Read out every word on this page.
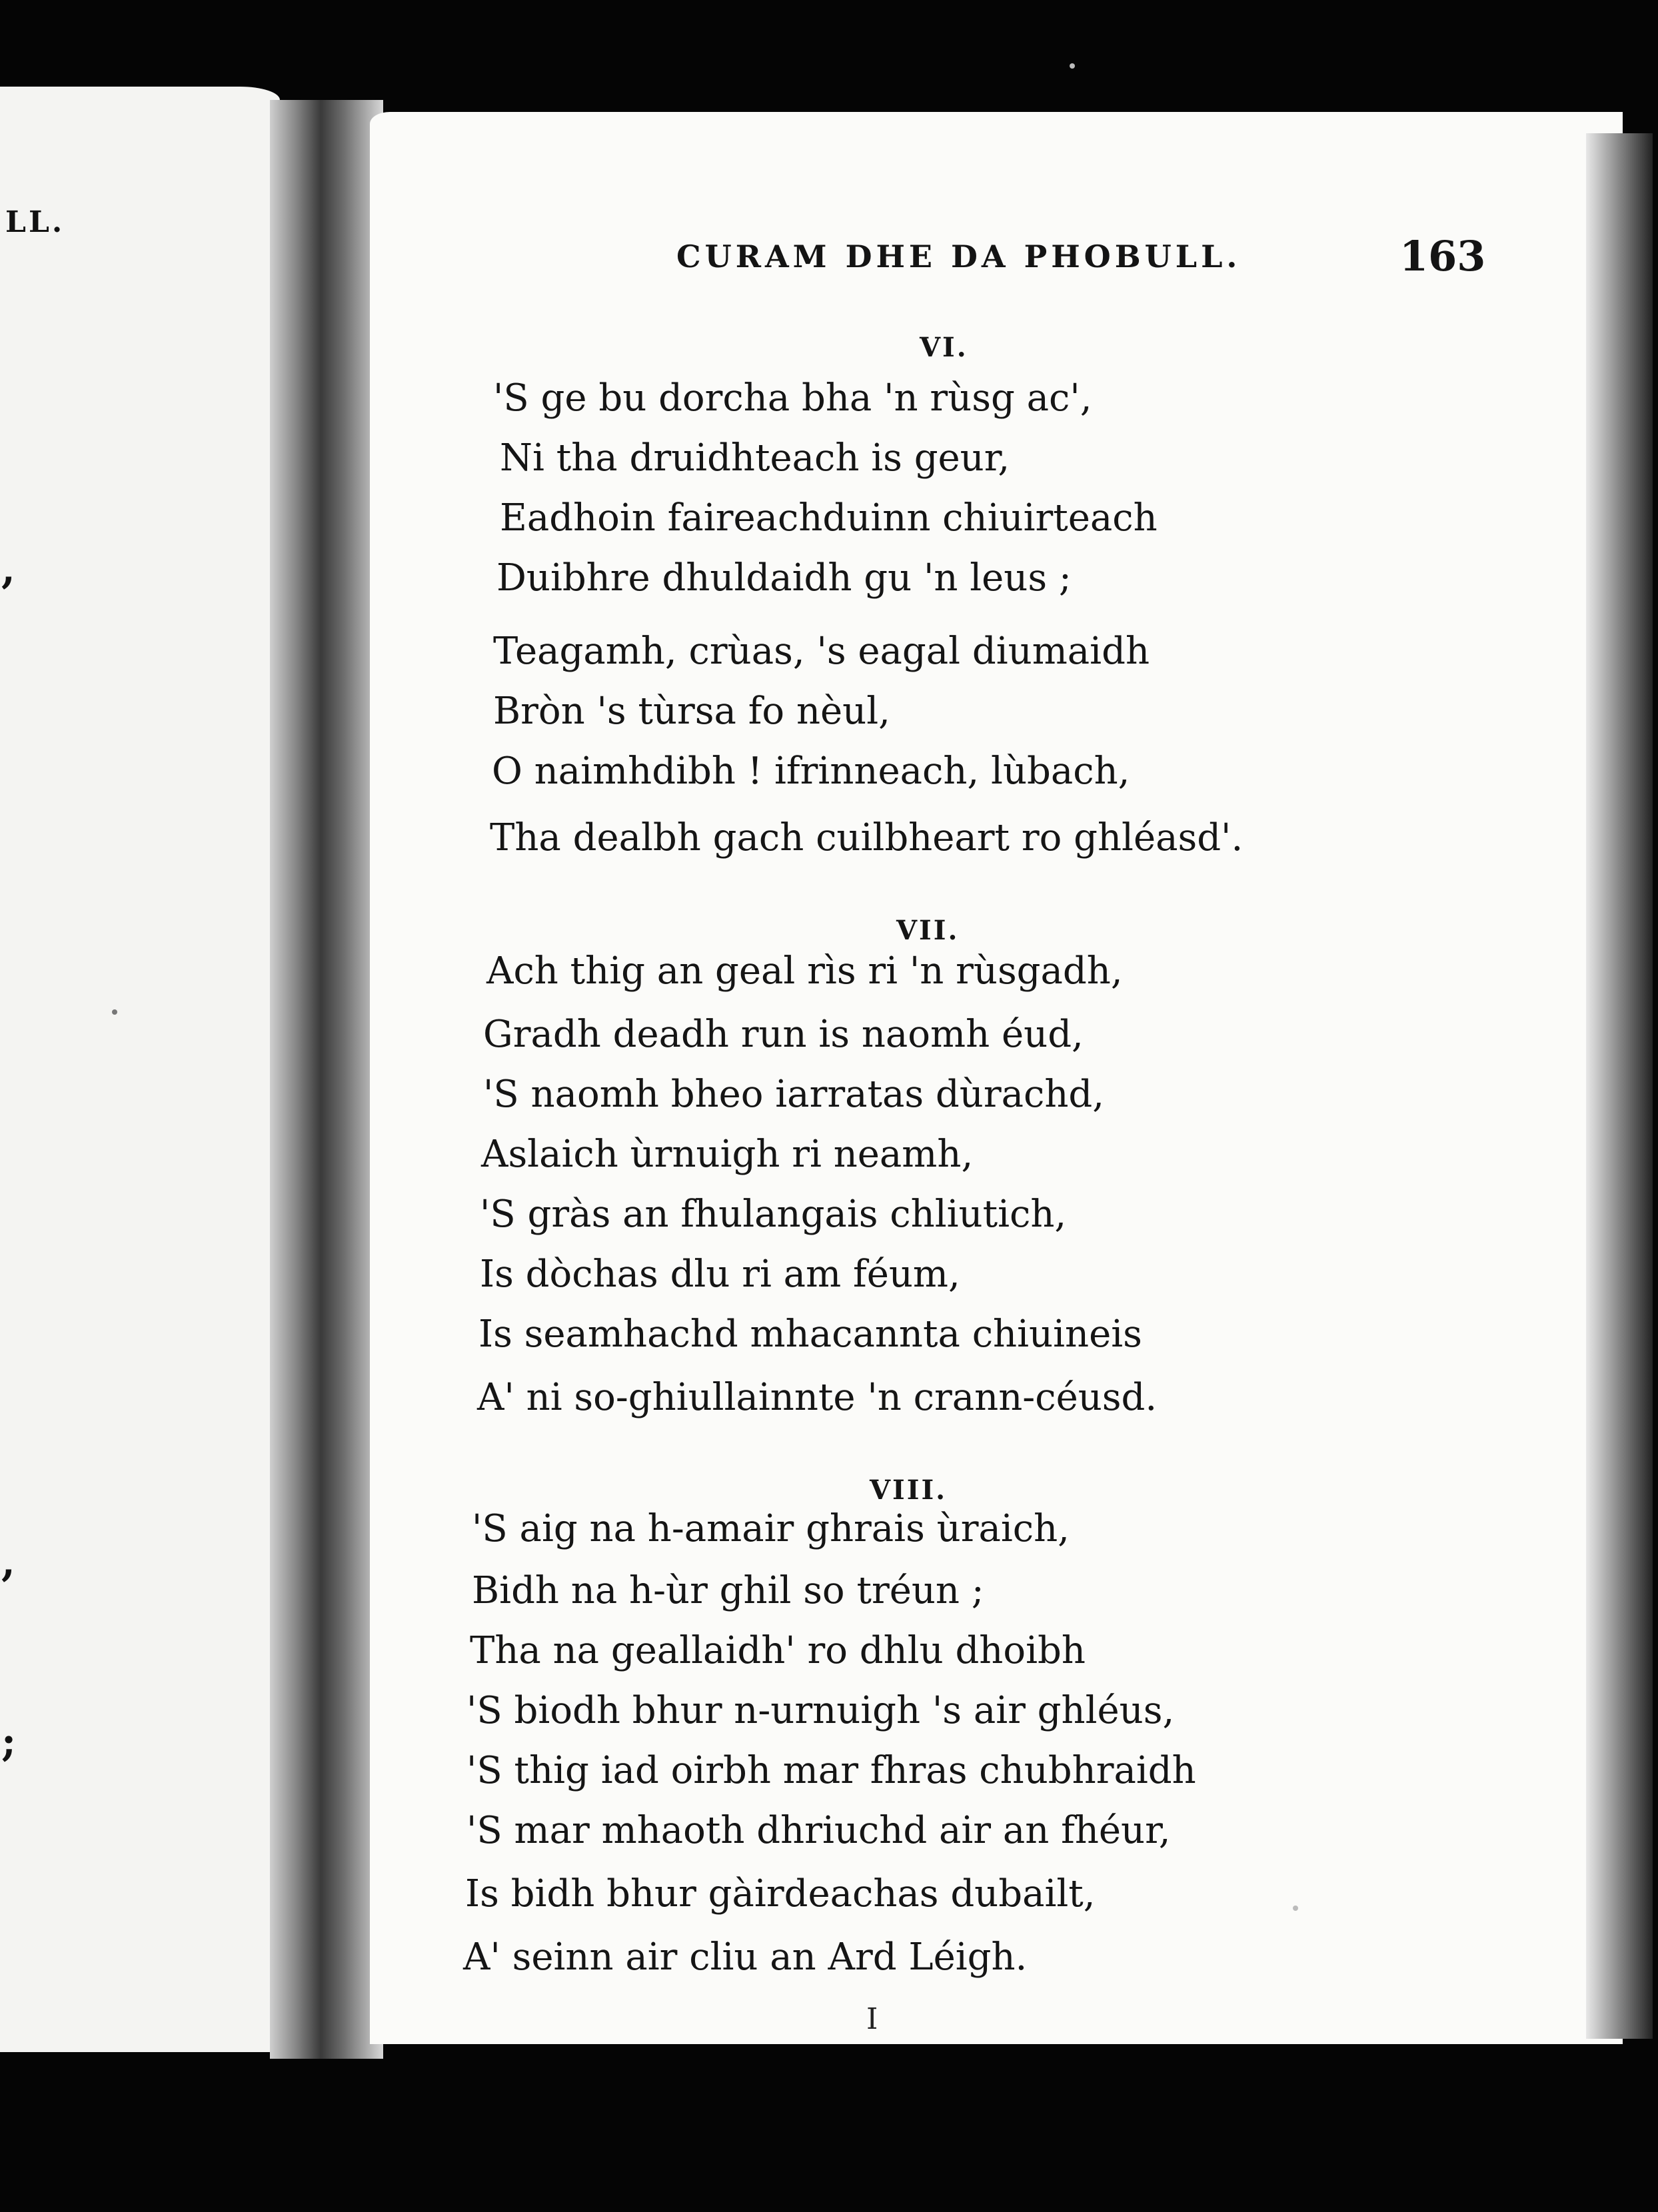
LL.
,
,
;
CURAM DHE DA PHOBULL.	163
VI.
'S ge bu dorcha bha 'n rùsg ac',
Ni tha druidhteach is geur,
Eadhoin faireachduinn chiuirteach
Duibhre dhuldaidh gu 'n leus ;
Teagamh, crùas, 's eagal diumaidh
Bròn 's tùrsa fo nèul,
O naimhdibh ! ifrinneach, lùbach,
Tha dealbh gach cuilbheart ro ghléasd'.
VII.
Ach thig an geal rìs ri 'n rùsgadh,
Gradh deadh run is naomh éud,
'S naomh bheo iarratas dùrachd,
Aslaich ùrnuigh ri neamh,
'S gràs an fhulangais chliutich,
Is dòchas dlu ri am féum,
Is seamhachd mhacannta chiuineis
A' ni so-ghiullainnte 'n crann-céusd.
VIII.
'S aig na h-amair ghrais ùraich,
Bidh na h-ùr ghil so tréun ;
Tha na geallaidh' ro dhlu dhoibh
'S biodh bhur n-urnuigh 's air ghléus,
'S thig iad oirbh mar fhras chubhraidh
'S mar mhaoth dhriuchd air an fhéur,
Is bidh bhur gàirdeachas dubailt,
A' seinn air cliu an Ard Léigh.
I
